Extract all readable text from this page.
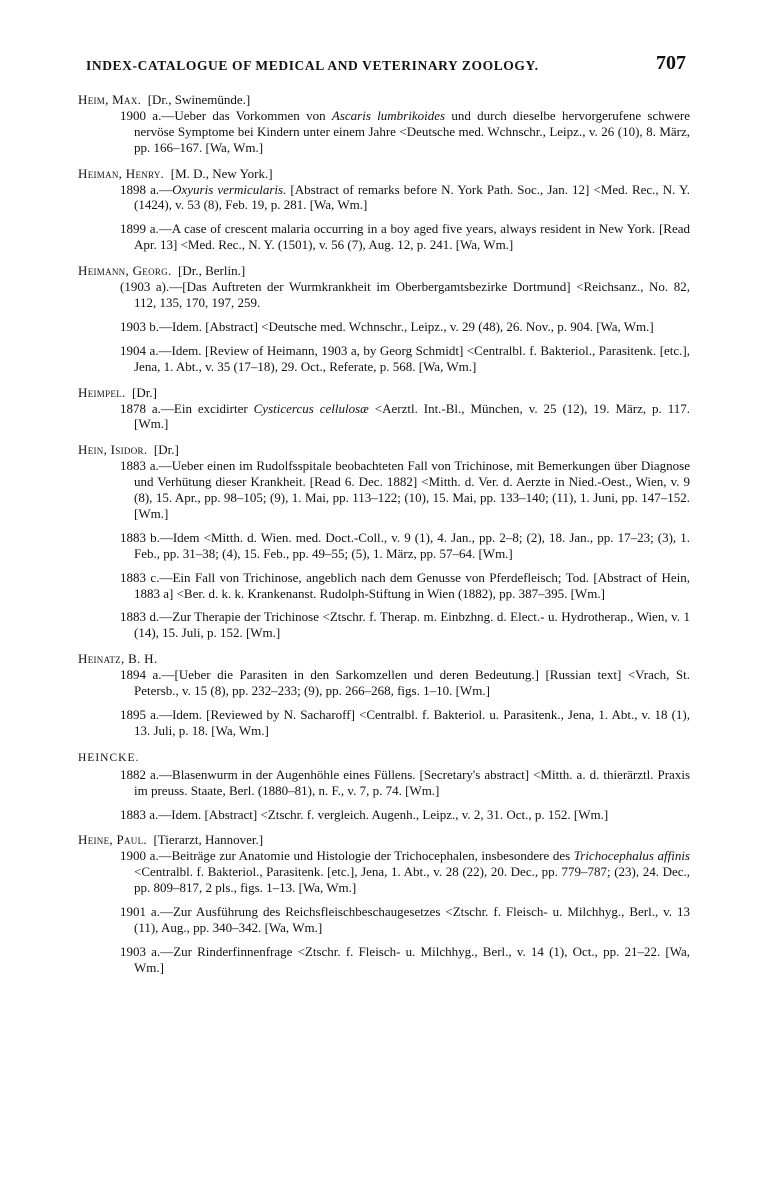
INDEX-CATALOGUE OF MEDICAL AND VETERINARY ZOOLOGY.	707
Heim, Max. [Dr., Swinemünde.]
1900 a.—Ueber das Vorkommen von Ascaris lumbrikoides und durch dieselbe hervorgerufene schwere nervöse Symptome bei Kindern unter einem Jahre <Deutsche med. Wchnschr., Leipz., v. 26 (10), 8. März, pp. 166–167. [Wa, Wm.]
Heiman, Henry. [M. D., New York.]
1898 a.—Oxyuris vermicularis. [Abstract of remarks before N. York Path. Soc., Jan. 12] <Med. Rec., N. Y. (1424), v. 53 (8), Feb. 19, p. 281. [Wa, Wm.]
1899 a.—A case of crescent malaria occurring in a boy aged five years, always resident in New York. [Read Apr. 13] <Med. Rec., N. Y. (1501), v. 56 (7), Aug. 12, p. 241. [Wa, Wm.]
Heimann, Georg. [Dr., Berlin.]
(1903 a).—[Das Auftreten der Wurmkrankheit im Oberbergamtsbezirke Dortmund] <Reichsanz., No. 82, 112, 135, 170, 197, 259.
1903 b.—Idem. [Abstract] <Deutsche med. Wchnschr., Leipz., v. 29 (48), 26. Nov., p. 904. [Wa, Wm.]
1904 a.—Idem. [Review of Heimann, 1903 a, by Georg Schmidt] <Centralbl. f. Bakteriol., Parasitenk. [etc.], Jena, 1. Abt., v. 35 (17–18), 29. Oct., Referate, p. 568. [Wa, Wm.]
Heimpel. [Dr.]
1878 a.—Ein excidirter Cysticercus cellulosæ <Aerztl. Int.-Bl., München, v. 25 (12), 19. März, p. 117. [Wm.]
Hein, Isidor. [Dr.]
1883 a.—Ueber einen im Rudolfsspitale beobachteten Fall von Trichinose, mit Bemerkungen über Diagnose und Verhütung dieser Krankheit. [Read 6. Dec. 1882] <Mitth. d. Ver. d. Aerzte in Nied.-Oest., Wien, v. 9 (8), 15. Apr., pp. 98–105; (9), 1. Mai, pp. 113–122; (10), 15. Mai, pp. 133–140; (11), 1. Juni, pp. 147–152. [Wm.]
1883 b.—Idem <Mitth. d. Wien. med. Doct.-Coll., v. 9 (1), 4. Jan., pp. 2–8; (2), 18. Jan., pp. 17–23; (3), 1. Feb., pp. 31–38; (4), 15. Feb., pp. 49–55; (5), 1. März, pp. 57–64. [Wm.]
1883 c.—Ein Fall von Trichinose, angeblich nach dem Genusse von Pferdefleisch; Tod. [Abstract of Hein, 1883 a] <Ber. d. k. k. Krankenanst. Rudolph-Stiftung in Wien (1882), pp. 387–395. [Wm.]
1883 d.—Zur Therapie der Trichinose <Ztschr. f. Therap. m. Einbzhng. d. Elect.- u. Hydrotherap., Wien, v. 1 (14), 15. Juli, p. 152. [Wm.]
Heinatz, B. H.
1894 a.—[Ueber die Parasiten in den Sarkomzellen und deren Bedeutung.] [Russian text] <Vrach, St. Petersb., v. 15 (8), pp. 232–233; (9), pp. 266–268, figs. 1–10. [Wm.]
1895 a.—Idem. [Reviewed by N. Sacharoff] <Centralbl. f. Bakteriol. u. Parasitenk., Jena, 1. Abt., v. 18 (1), 13. Juli, p. 18. [Wa, Wm.]
HEINCKE.
1882 a.—Blasenwurm in der Augenhöhle eines Füllens. [Secretary's abstract] <Mitth. a. d. thierärztl. Praxis im preuss. Staate, Berl. (1880–81), n. F., v. 7, p. 74. [Wm.]
1883 a.—Idem. [Abstract] <Ztschr. f. vergleich. Augenh., Leipz., v. 2, 31. Oct., p. 152. [Wm.]
Heine, Paul. [Tierarzt, Hannover.]
1900 a.—Beiträge zur Anatomie und Histologie der Trichocephalen, insbesondere des Trichocephalus affinis <Centralbl. f. Bakteriol., Parasitenk. [etc.], Jena, 1. Abt., v. 28 (22), 20. Dec., pp. 779–787; (23), 24. Dec., pp. 809–817, 2 pls., figs. 1–13. [Wa, Wm.]
1901 a.—Zur Ausführung des Reichsfleischbeschaugesetzes <Ztschr. f. Fleisch- u. Milchhyg., Berl., v. 13 (11), Aug., pp. 340–342. [Wa, Wm.]
1903 a.—Zur Rinderfinnenfrage <Ztschr. f. Fleisch- u. Milchhyg., Berl., v. 14 (1), Oct., pp. 21–22. [Wa, Wm.]
